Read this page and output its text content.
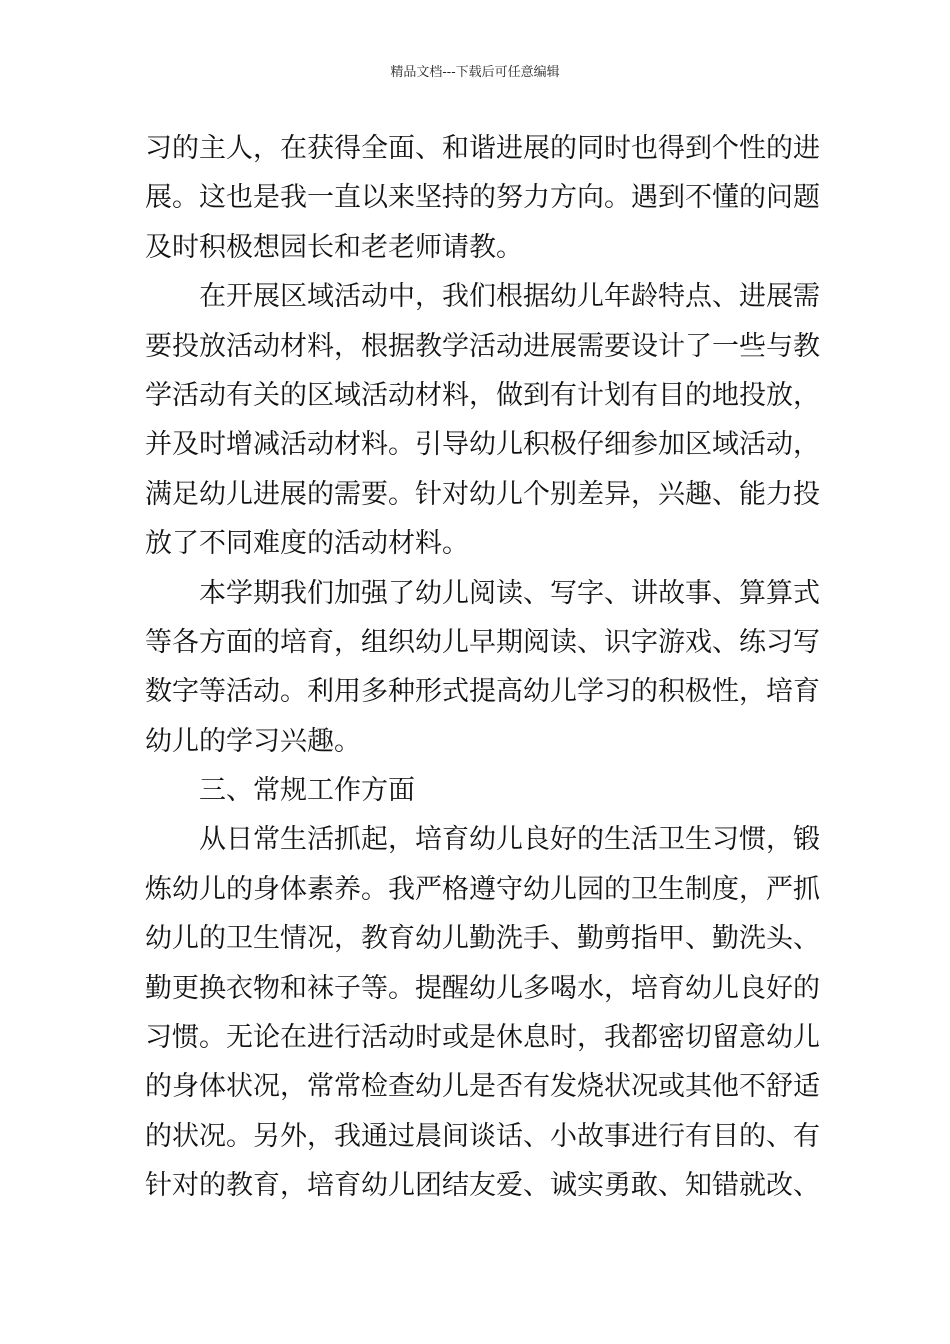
精品文档---下载后可任意编辑
习的主人，在获得全面、和谐进展的同时也得到个性的进
展。这也是我一直以来坚持的努力方向。遇到不懂的问题
及时积极想园长和老老师请教。
在开展区域活动中，我们根据幼儿年龄特点、进展需
要投放活动材料，根据教学活动进展需要设计了一些与教
学活动有关的区域活动材料，做到有计划有目的地投放，
并及时增减活动材料。引导幼儿积极仔细参加区域活动，
满足幼儿进展的需要。针对幼儿个别差异，兴趣、能力投
放了不同难度的活动材料。
本学期我们加强了幼儿阅读、写字、讲故事、算算式
等各方面的培育，组织幼儿早期阅读、识字游戏、练习写
数字等活动。利用多种形式提高幼儿学习的积极性，培育
幼儿的学习兴趣。
三、常规工作方面
从日常生活抓起，培育幼儿良好的生活卫生习惯，锻
炼幼儿的身体素养。我严格遵守幼儿园的卫生制度，严抓
幼儿的卫生情况，教育幼儿勤洗手、勤剪指甲、勤洗头、
勤更换衣物和袜子等。提醒幼儿多喝水，培育幼儿良好的
习惯。无论在进行活动时或是休息时，我都密切留意幼儿
的身体状况，常常检查幼儿是否有发烧状况或其他不舒适
的状况。另外，我通过晨间谈话、小故事进行有目的、有
针对的教育，培育幼儿团结友爱、诚实勇敢、知错就改、
